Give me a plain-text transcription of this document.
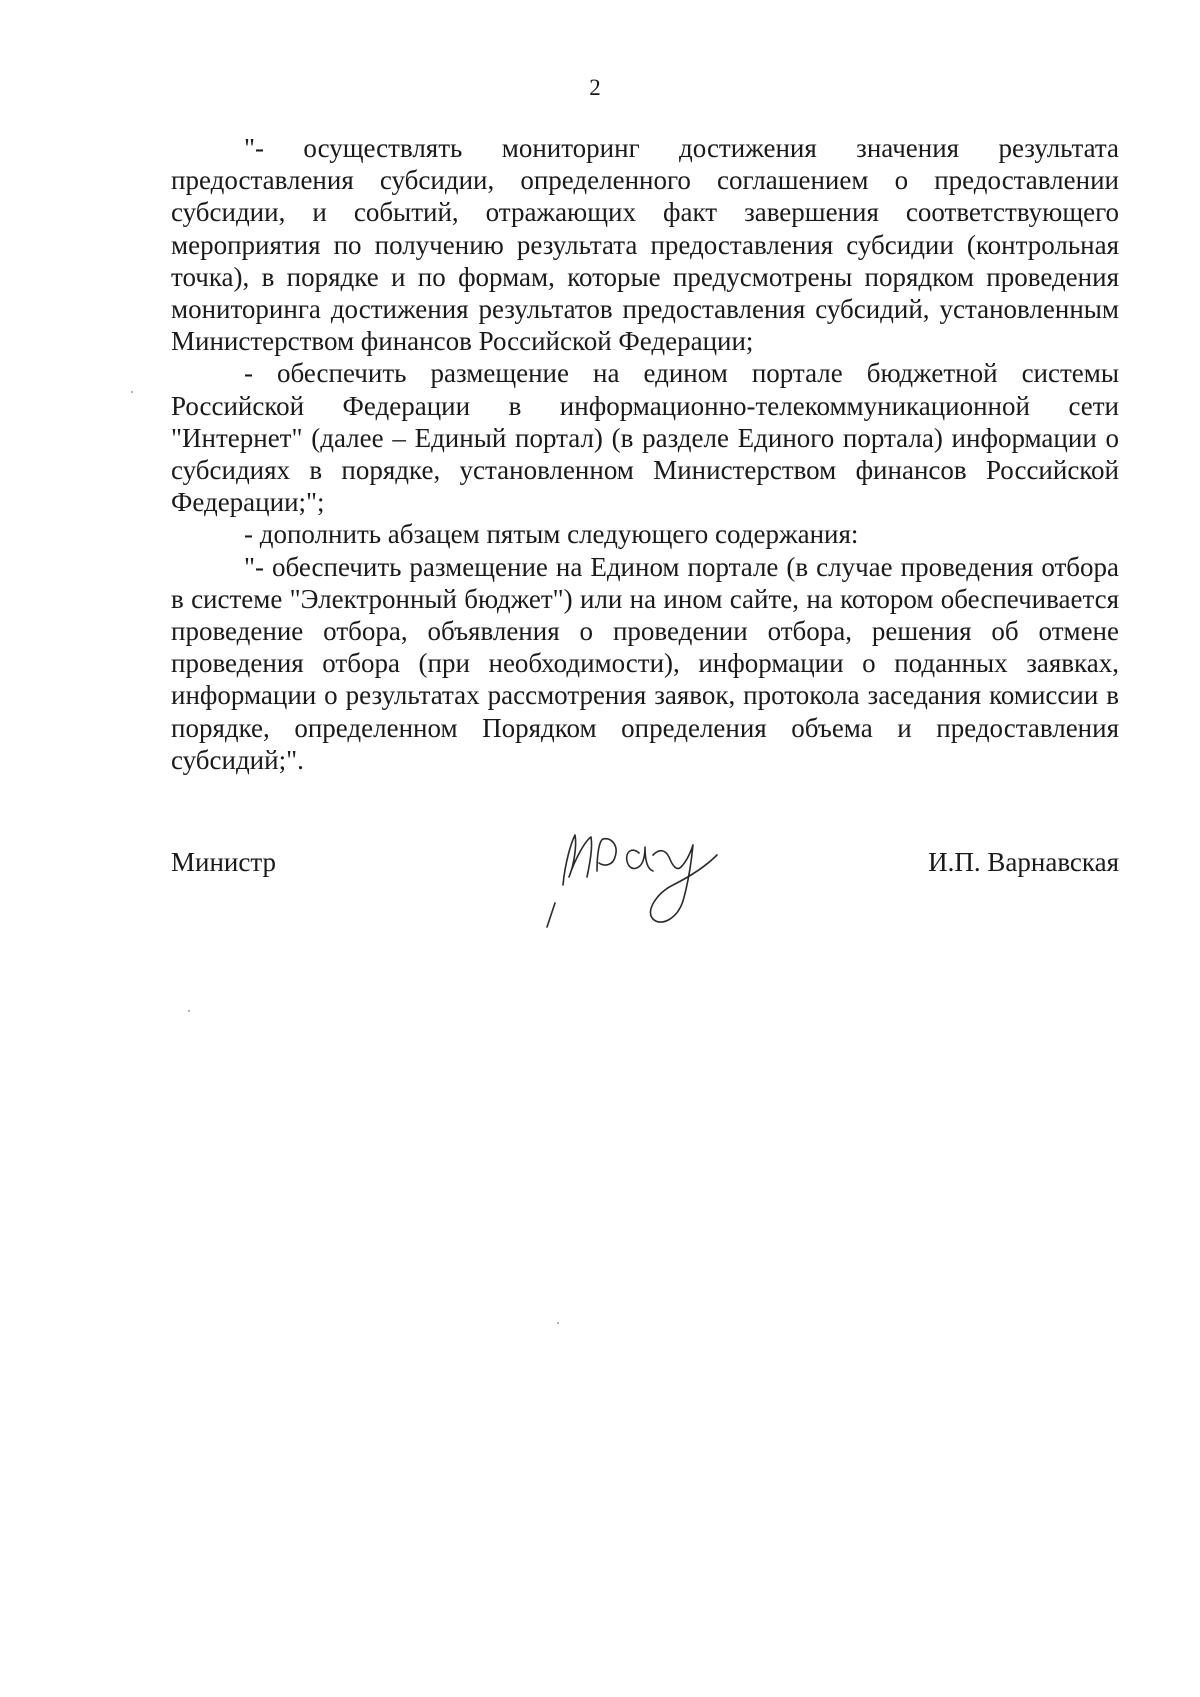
2

"- осуществлять мониторинг достижения значения результата предоставления субсидии, определенного соглашением о предоставлении субсидии, и событий, отражающих факт завершения соответствующего мероприятия по получению результата предоставления субсидии (контрольная точка), в порядке и по формам, которые предусмотрены порядком проведения мониторинга достижения результатов предоставления субсидий, установленным Министерством финансов Российской Федерации;

- обеспечить размещение на едином портале бюджетной системы Российской Федерации в информационно-телекоммуникационной сети "Интернет" (далее – Единый портал) (в разделе Единого портала) информации о субсидиях в порядке, установленном Министерством финансов Российской Федерации;";

- дополнить абзацем пятым следующего содержания:

"- обеспечить размещение на Едином портале (в случае проведения отбора в системе "Электронный бюджет") или на ином сайте, на котором обеспечивается проведение отбора, объявления о проведении отбора, решения об отмене проведения отбора (при необходимости), информации о поданных заявках, информации о результатах рассмотрения заявок, протокола заседания комиссии в порядке, определенном Порядком определения объема и предоставления субсидий;".

Министр	И.П. Варнавская
